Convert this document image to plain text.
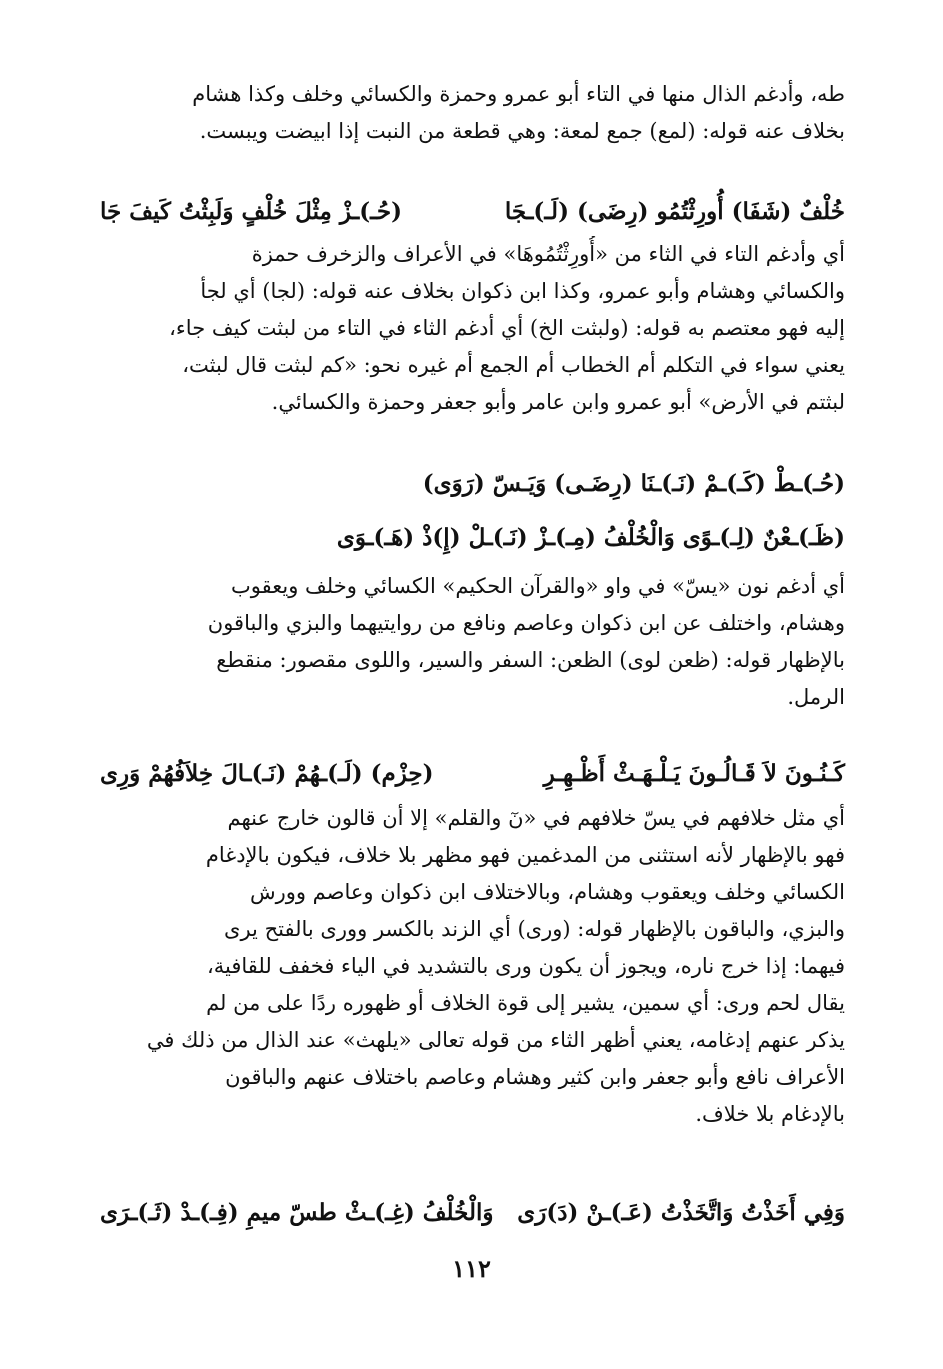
طه، وأدغم الذال منها في التاء أبو عمرو وحمزة والكسائي وخلف وكذا هشام
بخلاف عنه قوله: (لمع) جمع لمعة: وهي قطعة من النبت إذا ابيضت ويبست.
خُلْفٌ (شَفَا) أُورِثْتُمُو (رِضَى) (لَـ)ـجَا
(حُـ)ـزْ مِثْلَ خُلْفٍ وَلَبِثْتُ كَيفَ جَا
أي وأدغم التاء في الثاء من «أُورِثْتُمُوهَا» في الأعراف والزخرف حمزة
والكسائي وهشام وأبو عمرو، وكذا ابن ذكوان بخلاف عنه قوله: (لجا) أي لجأ
إليه فهو معتصم به قوله: (ولبثت الخ) أي أدغم الثاء في التاء من لبثت كيف جاء،
يعني سواء في التكلم أم الخطاب أم الجمع أم غيره نحو: «كم لبثت قال لبثت،
لبثتم في الأرض» أبو عمرو وابن عامر وأبو جعفر وحمزة والكسائي.
(حُـ)ـطْ (كَـ)ـمْ (نَـ)ـنَا (رِضَـى) وَيَـسّ (رَوَى)
(ظَـ)ـعْنٌ (لِـ)ـوًى وَالْخُلْفُ (مِـ)ـزْ (نَـ)ـلْ (إِ)ذْ (هَـ)ـوَى
أي أدغم نون «يسّ» في واو «والقرآن الحكيم» الكسائي وخلف ويعقوب
وهشام، واختلف عن ابن ذكوان وعاصم ونافع من روايتيهما والبزي والباقون
بالإظهار قوله: (ظعن لوى) الظعن: السفر والسير، واللوى مقصور: منقطع
الرمل.
كَـنُـونَ لاَ قَـالُـونَ يَـلْـهَـثْ أَظْـهِـرِ
(حِزْم) (لَـ)ـهُمْ (نَـ)ـالَ خِلاَفُهُمْ وَرِى
أي مثل خلافهم في يسّ خلافهم في «نٓ والقلم» إلا أن قالون خارج عنهم
فهو بالإظهار لأنه استثنى من المدغمين فهو مظهر بلا خلاف، فيكون بالإدغام
الكسائي وخلف ويعقوب وهشام، وبالاختلاف ابن ذكوان وعاصم وورش
والبزي، والباقون بالإظهار قوله: (ورى) أي الزند بالكسر وورى بالفتح يرى
فيهما: إذا خرج ناره، ويجوز أن يكون ورى بالتشديد في الياء فخفف للقافية،
يقال لحم ورى: أي سمين، يشير إلى قوة الخلاف أو ظهوره ردًا على من لم
يذكر عنهم إدغامه، يعني أظهر الثاء من قوله تعالى «يلهث» عند الذال من ذلك في
الأعراف نافع وأبو جعفر وابن كثير وهشام وعاصم باختلاف عنهم والباقون
بالإدغام بلا خلاف.
وَفِي أَخَذْتُ وَاتَّخَذْتُ (عَـ)ـنْ (دَ)رَى
وَالْخُلْفُ (غِـ)ـثْ طسّ ميمِ (فِـ)ـدْ (ثَـ)ـرَى
١١٢
